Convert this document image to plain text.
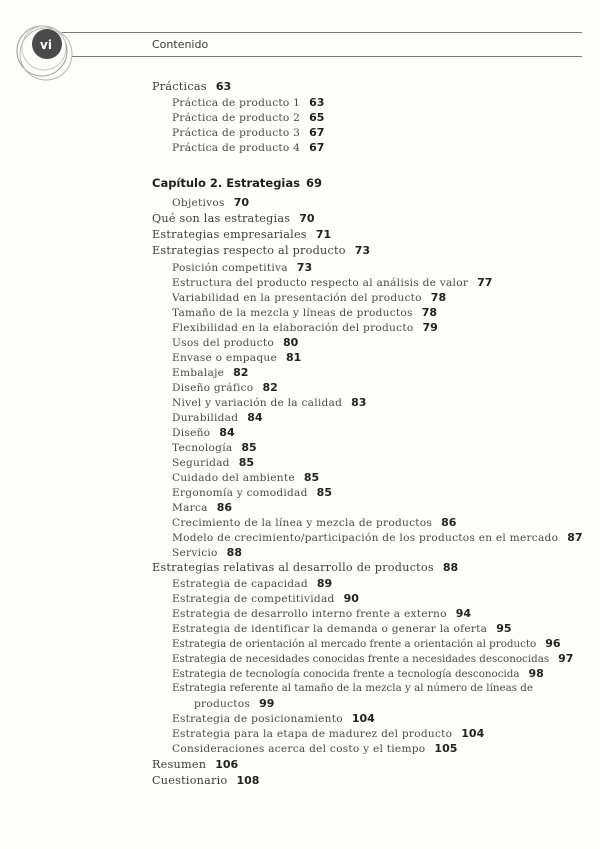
vi	Contenido
Prácticas 63
Práctica de producto 1 63
Práctica de producto 2 65
Práctica de producto 3 67
Práctica de producto 4 67
Capítulo 2. Estrategias 69
Objetivos 70
Qué son las estrategias 70
Estrategias empresariales 71
Estrategias respecto al producto 73
Posición competitiva 73
Estructura del producto respecto al análisis de valor 77
Variabilidad en la presentación del producto 78
Tamaño de la mezcla y líneas de productos 78
Flexibilidad en la elaboración del producto 79
Usos del producto 80
Envase o empaque 81
Embalaje 82
Diseño gráfico 82
Nivel y variación de la calidad 83
Durabilidad 84
Diseño 84
Tecnología 85
Seguridad 85
Cuidado del ambiente 85
Ergonomía y comodidad 85
Marca 86
Crecimiento de la línea y mezcla de productos 86
Modelo de crecimiento/participación de los productos en el mercado 87
Servicio 88
Estrategias relativas al desarrollo de productos 88
Estrategia de capacidad 89
Estrategia de competitividad 90
Estrategia de desarrollo interno frente a externo 94
Estrategia de identificar la demanda o generar la oferta 95
Estrategia de orientación al mercado frente a orientación al producto 96
Estrategia de necesidades conocidas frente a necesidades desconocidas 97
Estrategia de tecnología conocida frente a tecnología desconocida 98
Estrategia referente al tamaño de la mezcla y al número de líneas de
productos 99
Estrategia de posicionamiento 104
Estrategia para la etapa de madurez del producto 104
Consideraciones acerca del costo y el tiempo 105
Resumen 106
Cuestionario 108
